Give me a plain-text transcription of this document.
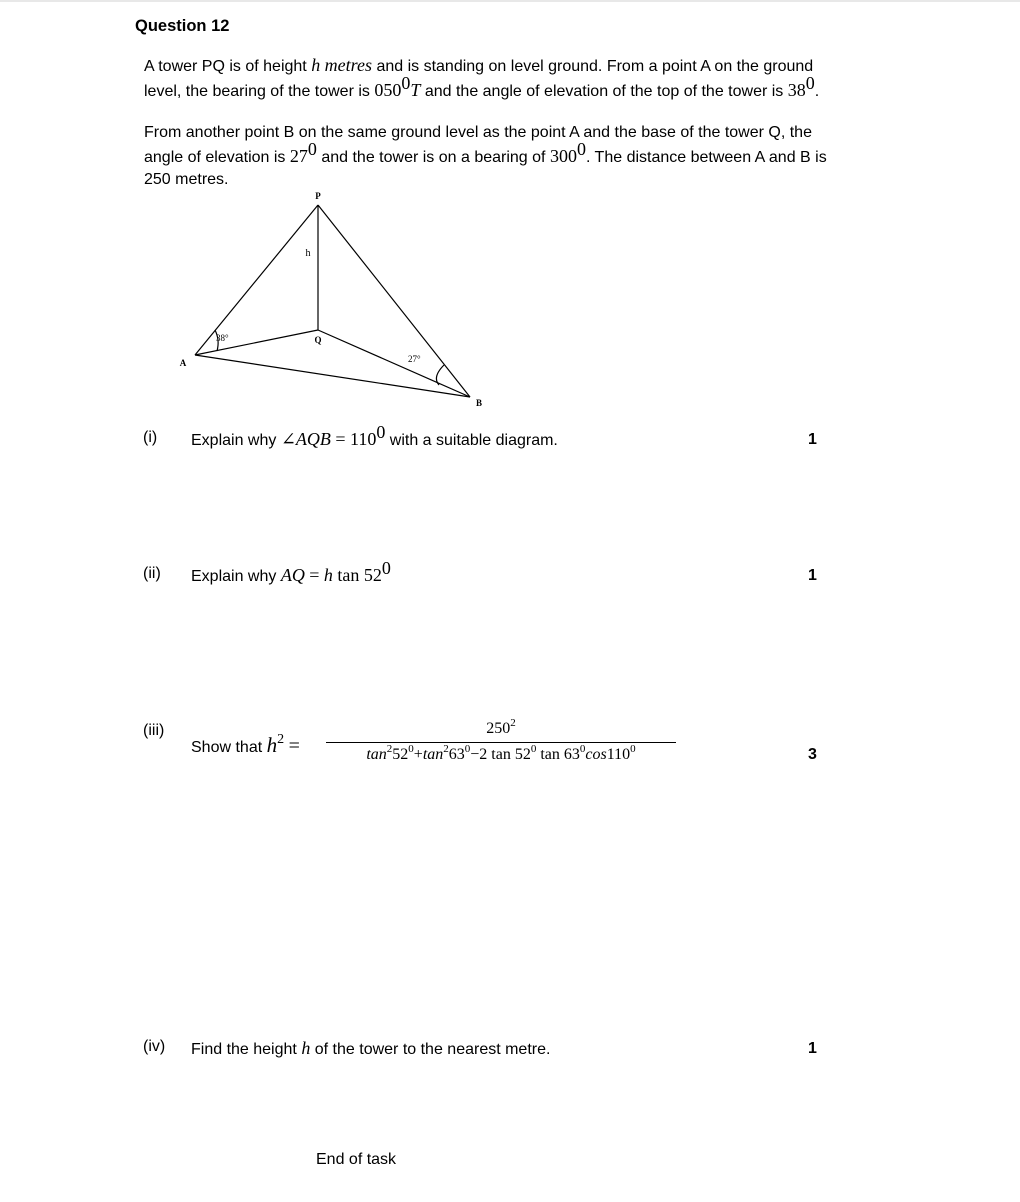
Question 12
A tower PQ is of height h metres and is standing on level ground. From a point A on the ground level, the bearing of the tower is $050^0T$ and the angle of elevation of the top of the tower is $38^0$.
From another point B on the same ground level as the point A and the base of the tower Q, the angle of elevation is $27^0$ and the tower is on a bearing of $300^0$. The distance between A and B is 250 metres.
P
h
A
Q
B
38°
27°
(i) Explain why ∠AQB = $110^0$ with a suitable diagram.	1
(ii) Explain why AQ = h $\tan 52^0$	1
(iii)
Show that $h^2$ =
$250^2$
$\tan^252^0+\tan^263^0-2$ $\tan 52^0$ $\tan 63^0\cos 110^0$	3
(iv) Find the height h of the tower to the nearest metre.	1
End of task
